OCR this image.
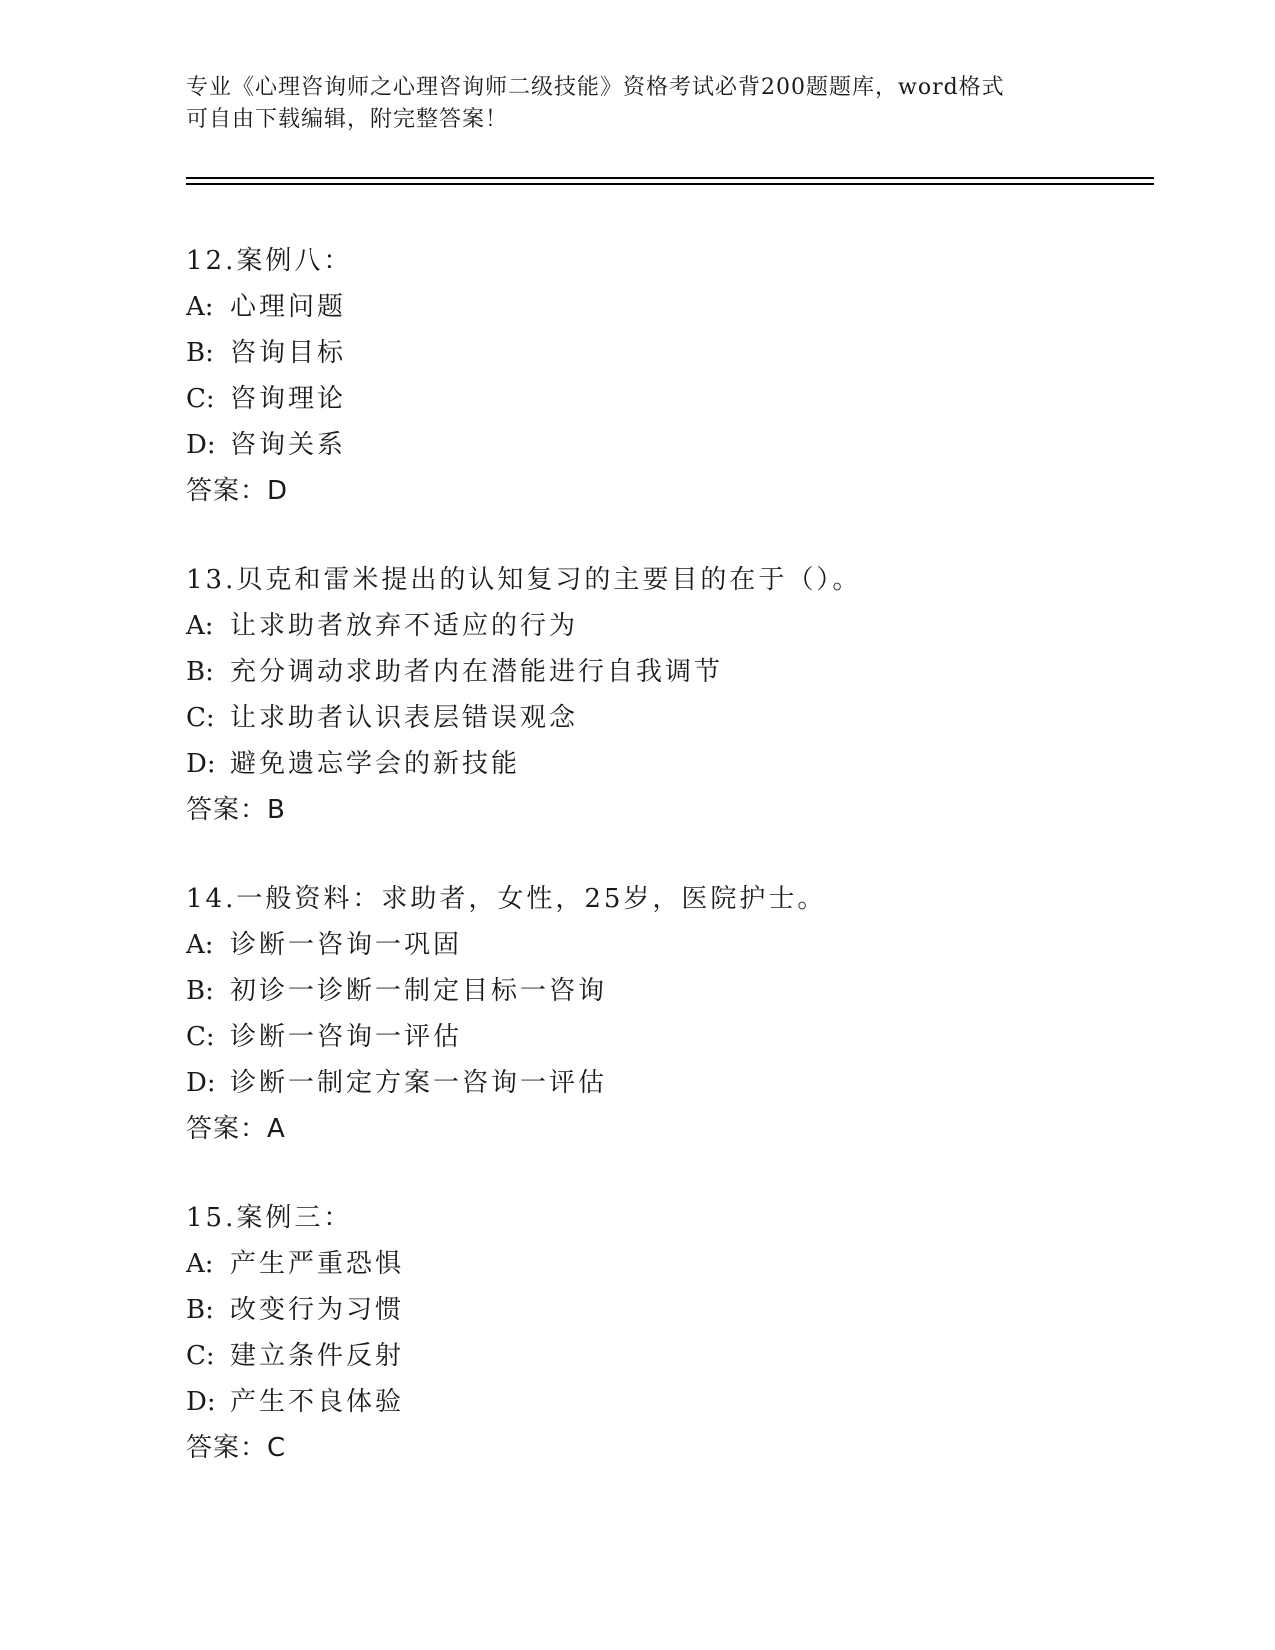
专业《心理咨询师之心理咨询师二级技能》资格考试必背200题题库，word格式
可自由下载编辑，附完整答案！
12.案例八：
A: 心理问题
B: 咨询目标
C: 咨询理论
D: 咨询关系
答案：D
13.贝克和雷米提出的认知复习的主要目的在于（）。
A: 让求助者放弃不适应的行为
B: 充分调动求助者内在潜能进行自我调节
C: 让求助者认识表层错误观念
D: 避免遗忘学会的新技能
答案：B
14.一般资料：求助者，女性，25岁，医院护士。
A: 诊断一咨询一巩固
B: 初诊一诊断一制定目标一咨询
C: 诊断一咨询一评估
D: 诊断一制定方案一咨询一评估
答案：A
15.案例三：
A: 产生严重恐惧
B: 改变行为习惯
C: 建立条件反射
D: 产生不良体验
答案：C
